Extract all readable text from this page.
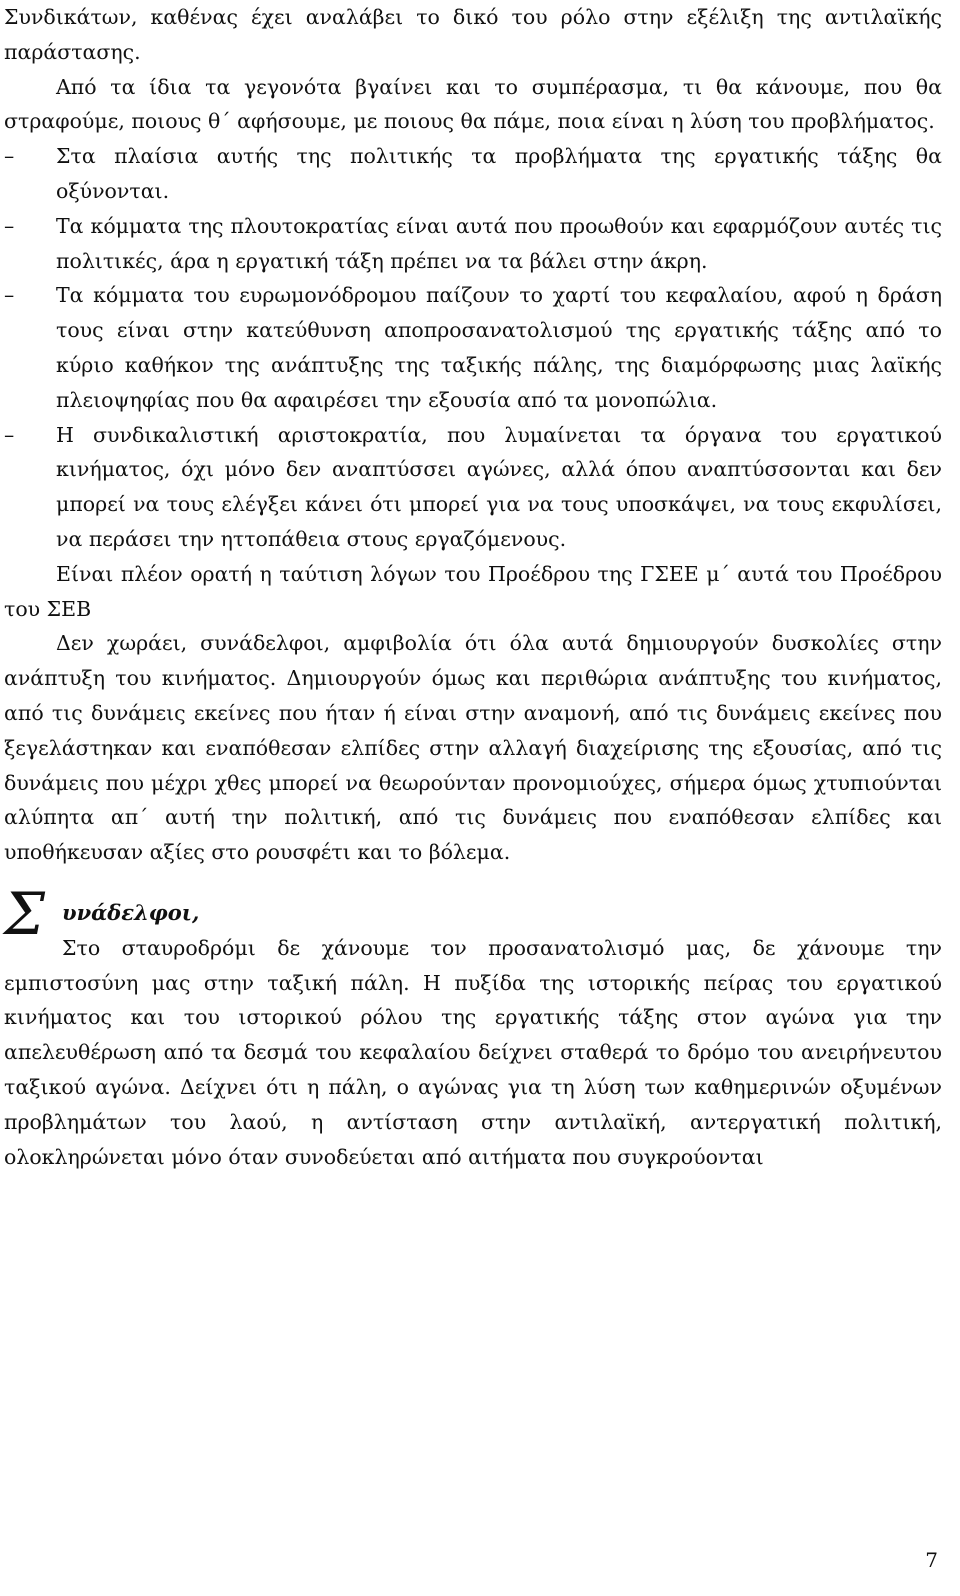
Συνδικάτων, καθένας έχει αναλάβει το δικό του ρόλο στην εξέλιξη της αντιλαϊκής παράστασης.

Από τα ίδια τα γεγονότα βγαίνει και το συμπέρασμα, τι θα κάνουμε, που θα στραφούμε, ποιους θ΄ αφήσουμε, με ποιους θα πάμε, ποια είναι η λύση του προβλήματος.

–	Στα πλαίσια αυτής της πολιτικής τα προβλήματα της εργατικής τάξης θα οξύνονται.
–	Τα κόμματα της πλουτοκρατίας είναι αυτά που προωθούν και εφαρμόζουν αυτές τις πολιτικές, άρα η εργατική τάξη πρέπει να τα βάλει στην άκρη.
–	Τα κόμματα του ευρωμονόδρομου παίζουν το χαρτί του κεφαλαίου, αφού η δράση τους είναι στην κατεύθυνση αποπροσανατολισμού της εργατικής τάξης από το κύριο καθήκον της ανάπτυξης της ταξικής πάλης, της διαμόρφωσης μιας λαϊκής πλειοψηφίας που θα αφαιρέσει την εξουσία από τα μονοπώλια.
–	Η συνδικαλιστική αριστοκρατία, που λυμαίνεται τα όργανα του εργατικού κινήματος, όχι μόνο δεν αναπτύσσει αγώνες, αλλά όπου αναπτύσσονται και δεν μπορεί να τους ελέγξει κάνει ότι μπορεί για να τους υποσκάψει, να τους εκφυλίσει, να περάσει την ηττοπάθεια στους εργαζόμενους.

Είναι πλέον ορατή η ταύτιση λόγων του Προέδρου της ΓΣΕΕ μ΄ αυτά του Προέδρου του ΣΕΒ

Δεν χωράει, συνάδελφοι, αμφιβολία ότι όλα αυτά δημιουργούν δυσκολίες στην ανάπτυξη του κινήματος. Δημιουργούν όμως και περιθώρια ανάπτυξης του κινήματος, από τις δυνάμεις εκείνες που ήταν ή είναι στην αναμονή, από τις δυνάμεις εκείνες που ξεγελάστηκαν και εναπόθεσαν ελπίδες στην αλλαγή διαχείρισης της εξουσίας, από τις δυνάμεις που μέχρι χθες μπορεί να θεωρούνταν προνομιούχες, σήμερα όμως χτυπιούνται αλύπητα απ΄ αυτή την πολιτική, από τις δυνάμεις που εναπόθεσαν ελπίδες και υποθήκευσαν αξίες στο ρουσφέτι και το βόλεμα.

Σ υνάδελφοι,

Στο σταυροδρόμι δε χάνουμε τον προσανατολισμό μας, δε χάνουμε την εμπιστοσύνη μας στην ταξική πάλη. Η πυξίδα της ιστορικής πείρας του εργατικού κινήματος και του ιστορικού ρόλου της εργατικής τάξης στον αγώνα για την απελευθέρωση από τα δεσμά του κεφαλαίου δείχνει σταθερά το δρόμο του ανειρήνευτου ταξικού αγώνα. Δείχνει ότι η πάλη, ο αγώνας για τη λύση των καθημερινών οξυμένων προβλημάτων του λαού, η αντίσταση στην αντιλαϊκή, αντεργατική πολιτική, ολοκληρώνεται μόνο όταν συνοδεύεται από αιτήματα που συγκρούονται

7
